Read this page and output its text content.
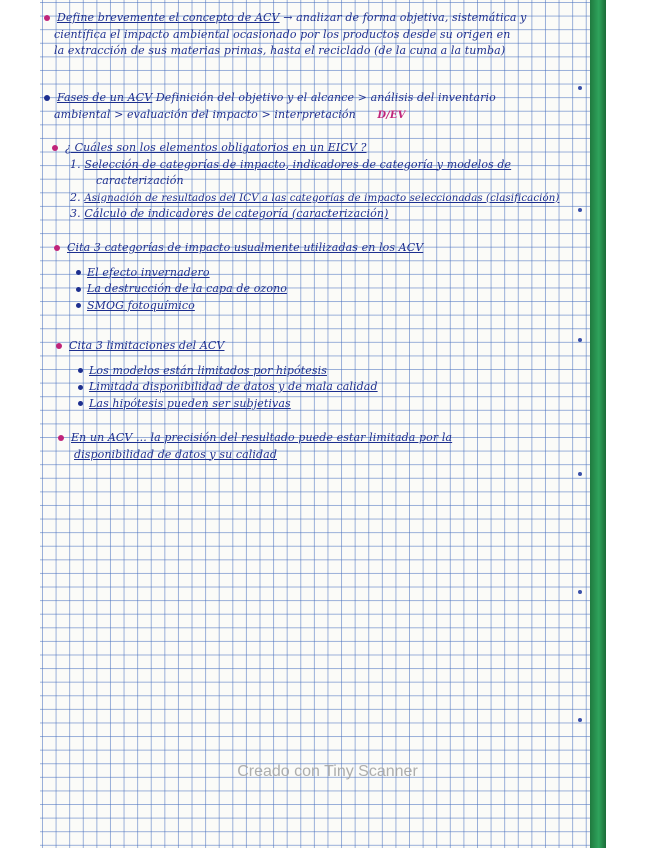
Define brevemente el concepto de ACV → analizar de forma objetiva, sistemática y
científica el impacto ambiental ocasionado por los productos desde su origen en
la extracción de sus materias primas, hasta el reciclado (de la cuna a la tumba)
Fases de un ACV Definición del objetivo y el alcance > análisis del inventario
ambiental > evaluación del impacto > interpretación D/EV
¿ Cuáles son los elementos obligatorios en un EICV ?
1. Selección de categorías de impacto, indicadores de categoría y modelos de
caracterización
2. Asignación de resultados del ICV a las categorías de impacto seleccionadas (clasificación)
3. Cálculo de indicadores de categoría (caracterización)
Cita 3 categorías de impacto usualmente utilizadas en los ACV
El efecto invernadero
La destrucción de la capa de ozono
SMOG fotoquímico
Cita 3 limitaciones del ACV
Los modelos están limitados por hipótesis
Limitada disponibilidad de datos y de mala calidad
Las hipótesis pueden ser subjetivas
En un ACV ... la precisión del resultado puede estar limitada por la
disponibilidad de datos y su calidad
Creado con Tiny Scanner
